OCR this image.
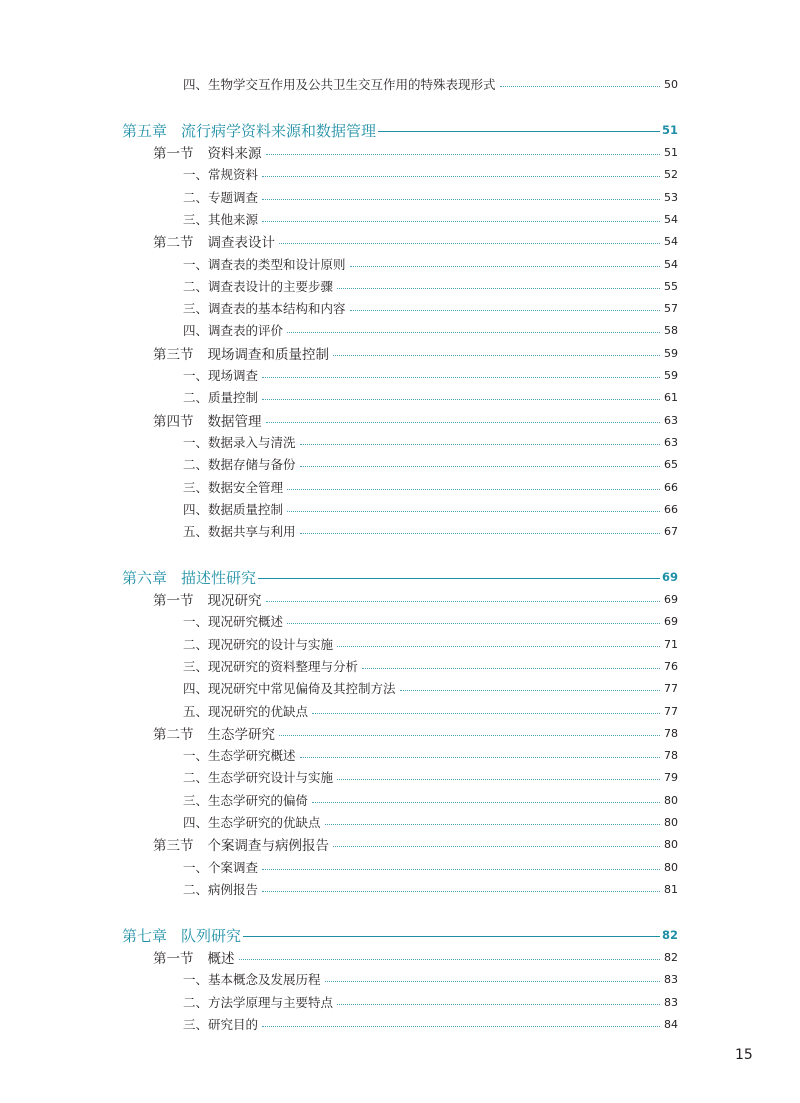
四、生物学交互作用及公共卫生交互作用的特殊表现形式	50
第五章 流行病学资料来源和数据管理	51
第一节 资料来源	51
一、常规资料	52
二、专题调查	53
三、其他来源	54
第二节 调查表设计	54
一、调查表的类型和设计原则	54
二、调查表设计的主要步骤	55
三、调查表的基本结构和内容	57
四、调查表的评价	58
第三节 现场调查和质量控制	59
一、现场调查	59
二、质量控制	61
第四节 数据管理	63
一、数据录入与清洗	63
二、数据存储与备份	65
三、数据安全管理	66
四、数据质量控制	66
五、数据共享与利用	67
第六章 描述性研究	69
第一节 现况研究	69
一、现况研究概述	69
二、现况研究的设计与实施	71
三、现况研究的资料整理与分析	76
四、现况研究中常见偏倚及其控制方法	77
五、现况研究的优缺点	77
第二节 生态学研究	78
一、生态学研究概述	78
二、生态学研究设计与实施	79
三、生态学研究的偏倚	80
四、生态学研究的优缺点	80
第三节 个案调查与病例报告	80
一、个案调查	80
二、病例报告	81
第七章 队列研究	82
第一节 概述	82
一、基本概念及发展历程	83
二、方法学原理与主要特点	83
三、研究目的	84
15
